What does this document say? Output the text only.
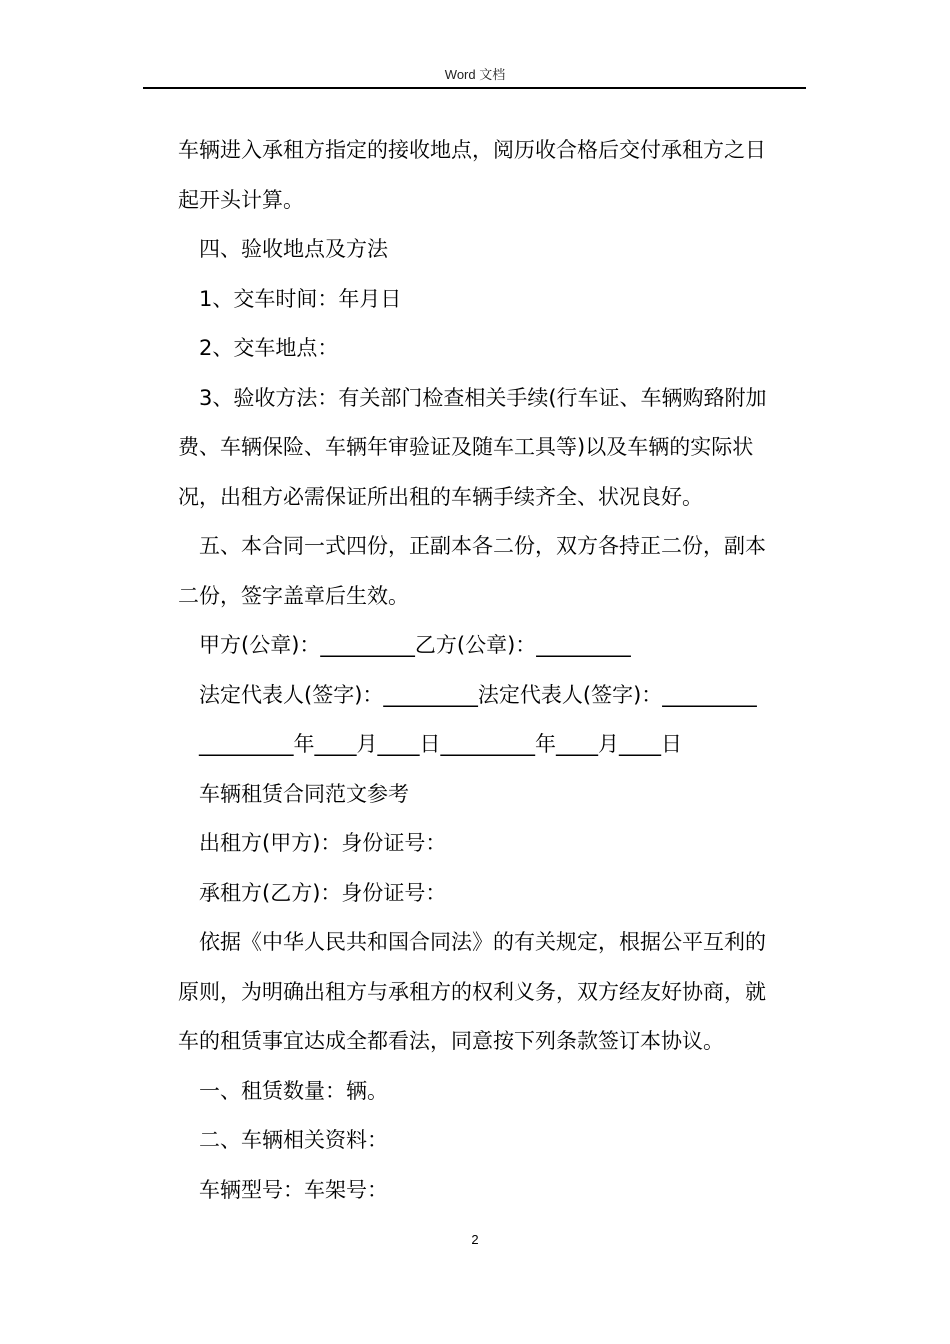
Word 文档

车辆进入承租方指定的接收地点，阅历收合格后交付承租方之日

起开头计算。

四、验收地点及方法

1、交车时间：年月日

2、交车地点：

3、验收方法：有关部门检查相关手续(行车证、车辆购臵附加

费、车辆保险、车辆年审验证及随车工具等)以及车辆的实际状

况，出租方必需保证所出租的车辆手续齐全、状况良好。

五、本合同一式四份，正副本各二份，双方各持正二份，副本

二份，签字盖章后生效。

甲方(公章)：_________乙方(公章)：_________

法定代表人(签字)：_________法定代表人(签字)：_________

_________年____月____日_________年____月____日

车辆租赁合同范文参考

出租方(甲方)：身份证号：

承租方(乙方)：身份证号：

依据《中华人民共和国合同法》的有关规定，根据公平互利的

原则，为明确出租方与承租方的权利义务，双方经友好协商，就

车的租赁事宜达成全都看法，同意按下列条款签订本协议。

一、租赁数量：辆。

二、车辆相关资料：

车辆型号：车架号：

2
